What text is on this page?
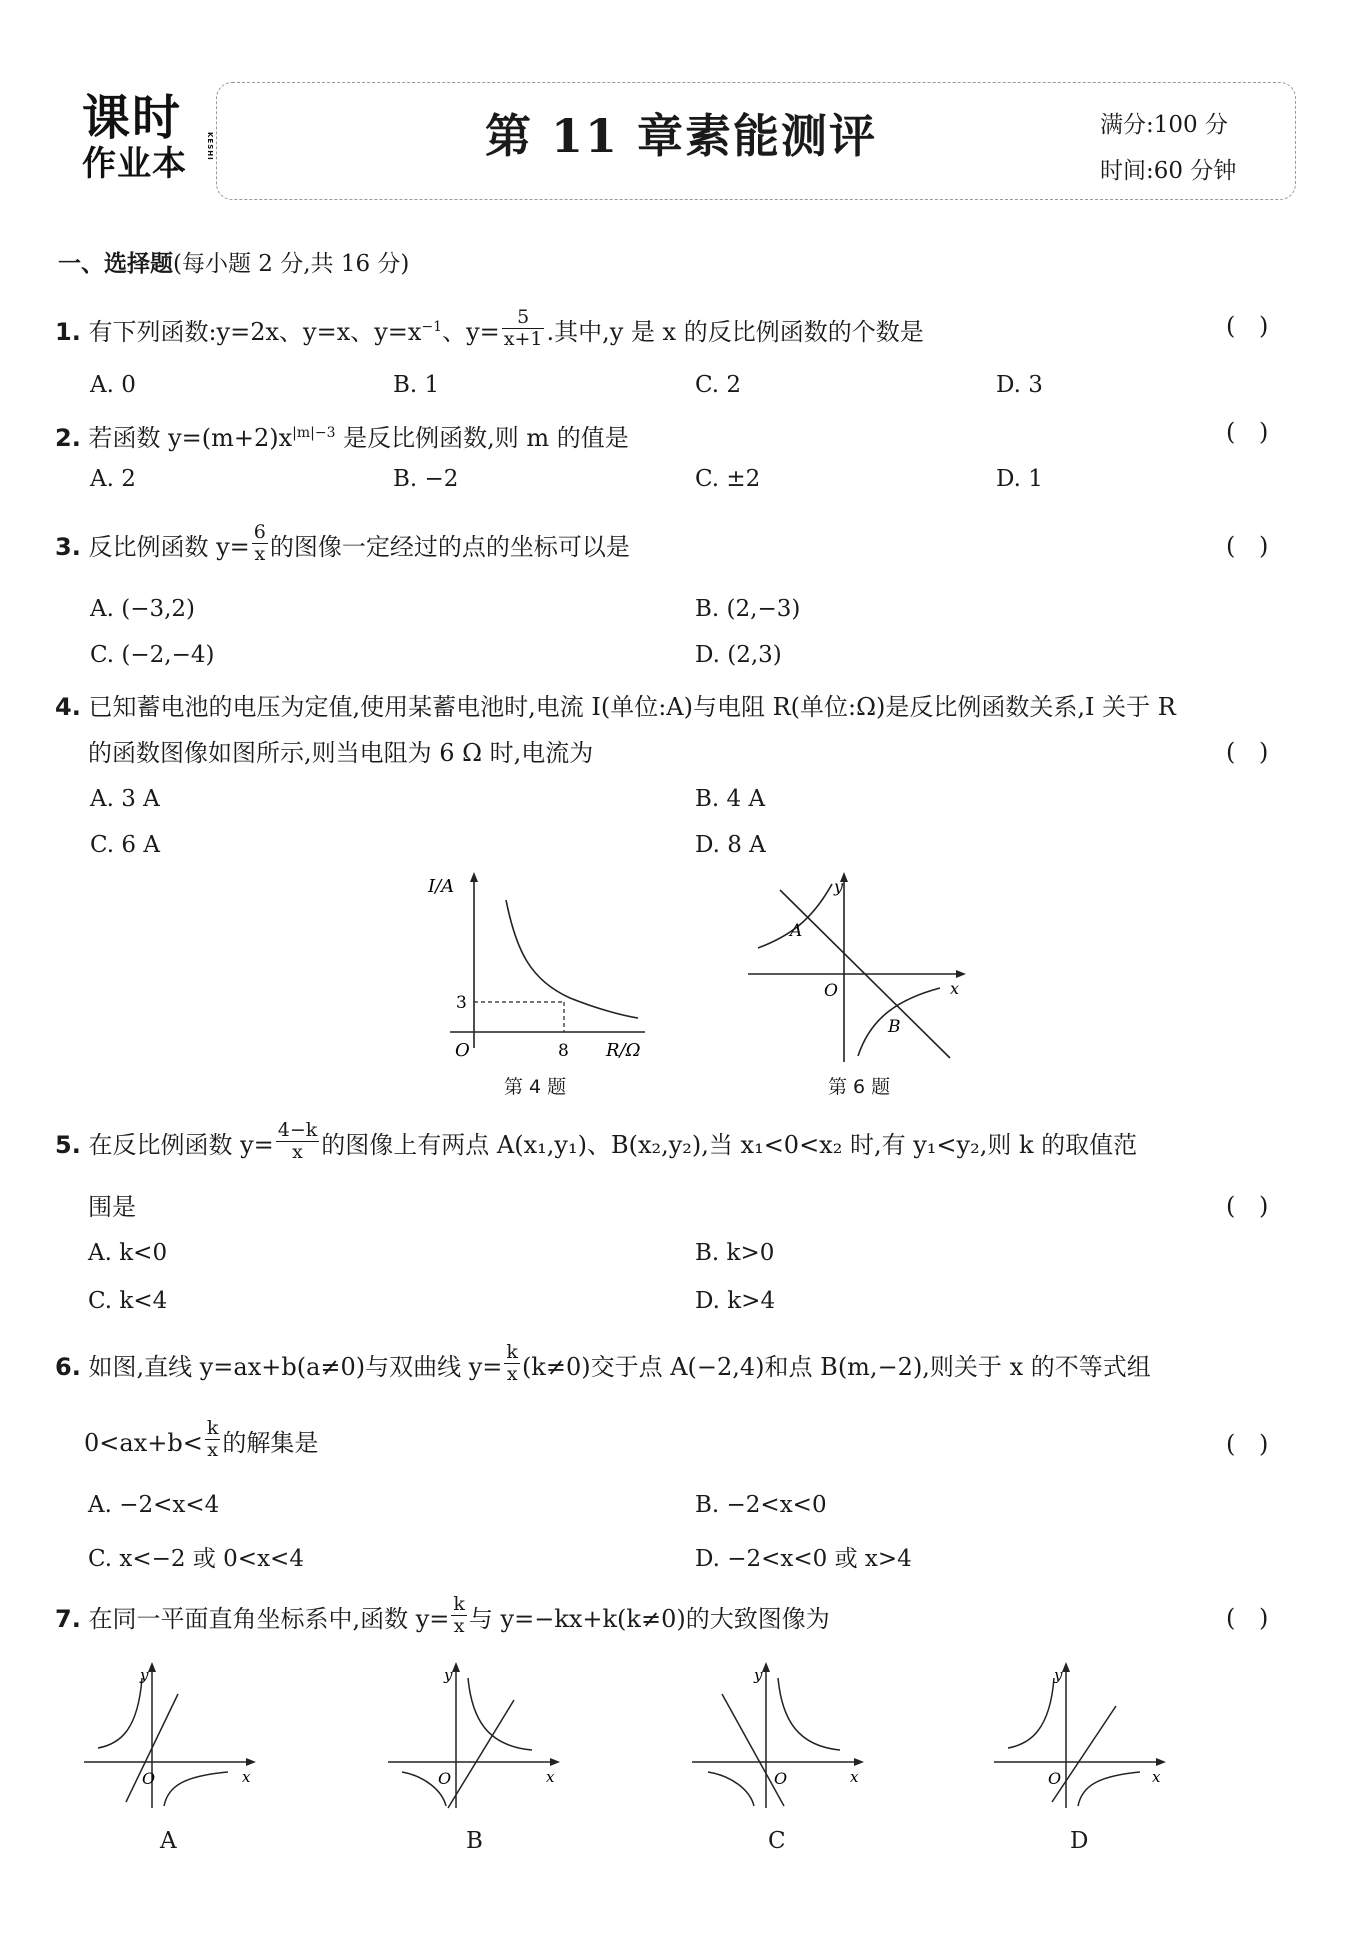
课时
作业本	KESHI	第 11 章素能测评	满分:100 分
时间:60 分钟
一、选择题(每小题 2 分,共 16 分)
1. 有下列函数:y=2x、y=x、$y=x^{-1}$、$y= \frac{5}{x+1}$ .其中,y 是 x 的反比例函数的个数是	( )
A. 0	B. 1	C. 2	D. 3
2. 若函数 $y=(m+2)x^{|m|-3}$ 是反比例函数,则 m 的值是	( )
A. 2	B. −2	C. ±2	D. 1
3. 反比例函数 $y= \frac{6}{x}$ 的图像一定经过的点的坐标可以是	( )
A. (−3,2)	B. (2,−3)
C. (−2,−4)	D. (2,3)
4. 已知蓄电池的电压为定值,使用某蓄电池时,电流 I(单位:A)与电阻 R(单位:Ω)是反比例函数关系,I 关于 R
的函数图像如图所示,则当电阻为 6 Ω 时,电流为	( )
A. 3 A	B. 4 A
C. 6 A	D. 8 A
I/A
O
3
8 R/Ω
第 4 题
y
x
O
A
B
第 6 题
5. 在反比例函数 $y= \frac{4-k}{x}$ 的图像上有两点 A(x₁,y₁)、B(x₂,y₂),当 x₁<0<x₂ 时,有 y₁<y₂,则 k 的取值范
围是	( )
A. k<0	B. k>0
C. k<4	D. k>4
6. 如图,直线 y=ax+b(a≠0)与双曲线 $y= \frac{k}{x} (k\ne 0)$交于点 A(−2,4)和点 B(m,−2),则关于 x 的不等式组
$0<ax+b< \frac{k}{x}$ 的解集是	( )
A. −2<x<4	B. −2<x<0
C. x<−2 或 0<x<4	D. −2<x<0 或 x>4
7. 在同一平面直角坐标系中,函数 $y= \frac{k}{x}$ 与 y=−kx+k(k≠0)的大致图像为	( )
y
x
O
y
x
O
y
x
O
y
x
O
A	B	C	D
